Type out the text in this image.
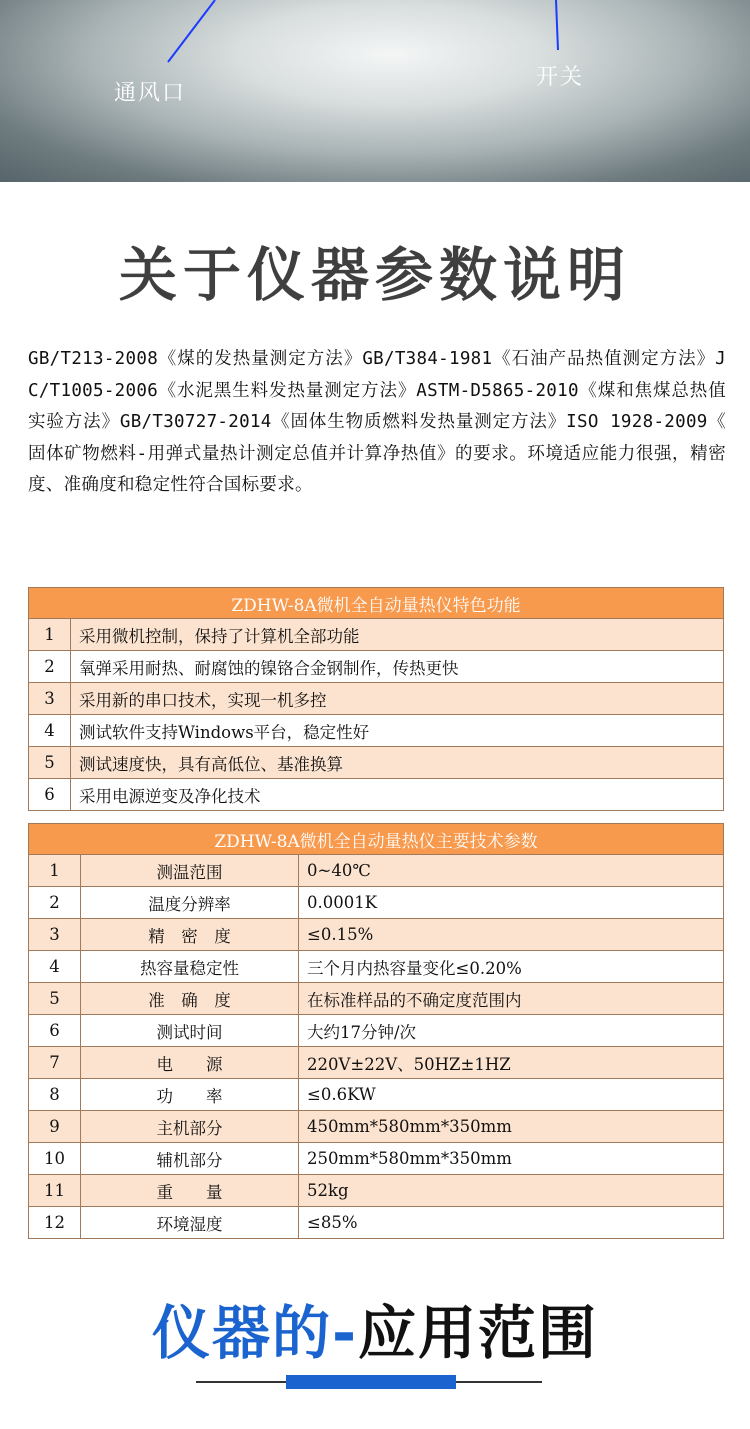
通风口
开关
关于仪器参数说明
GB/T213-2008《煤的发热量测定方法》GB/T384-1981《石油产品热值测定方法》JC/T1005-2006《水泥黑生料发热量测定方法》ASTM-D5865-2010《煤和焦煤总热值实验方法》GB/T30727-2014《固体生物质燃料发热量测定方法》ISO 1928-2009《 固体矿物燃料-用弹式量热计测定总值并计算净热值》的要求。环境适应能力很强，精密度、准确度和稳定性符合国标要求。
ZDHW-8A微机全自动量热仪特色功能	
1	采用微机控制，保持了计算机全部功能
2	氧弹采用耐热、耐腐蚀的镍铬合金钢制作，传热更快
3	采用新的串口技术，实现一机多控
4	测试软件支持Windows平台，稳定性好
5	测试速度快，具有高低位、基准换算
6	采用电源逆变及净化技术
ZDHW-8A微机全自动量热仪主要技术参数		
1	测温范围	0~40℃
2	温度分辨率	0.0001K
3	精　密　度	≤0.15%
4	热容量稳定性	三个月内热容量变化≤0.20%
5	准　确　度	在标准样品的不确定度范围内
6	测试时间	大约17分钟/次
7	电　　源	220V±22V、50HZ±1HZ
8	功　　率	≤0.6KW
9	主机部分	450mm*580mm*350mm
10	辅机部分	250mm*580mm*350mm
11	重　　量	52kg
12	环境湿度	≤85%
仪器的-应用范围
